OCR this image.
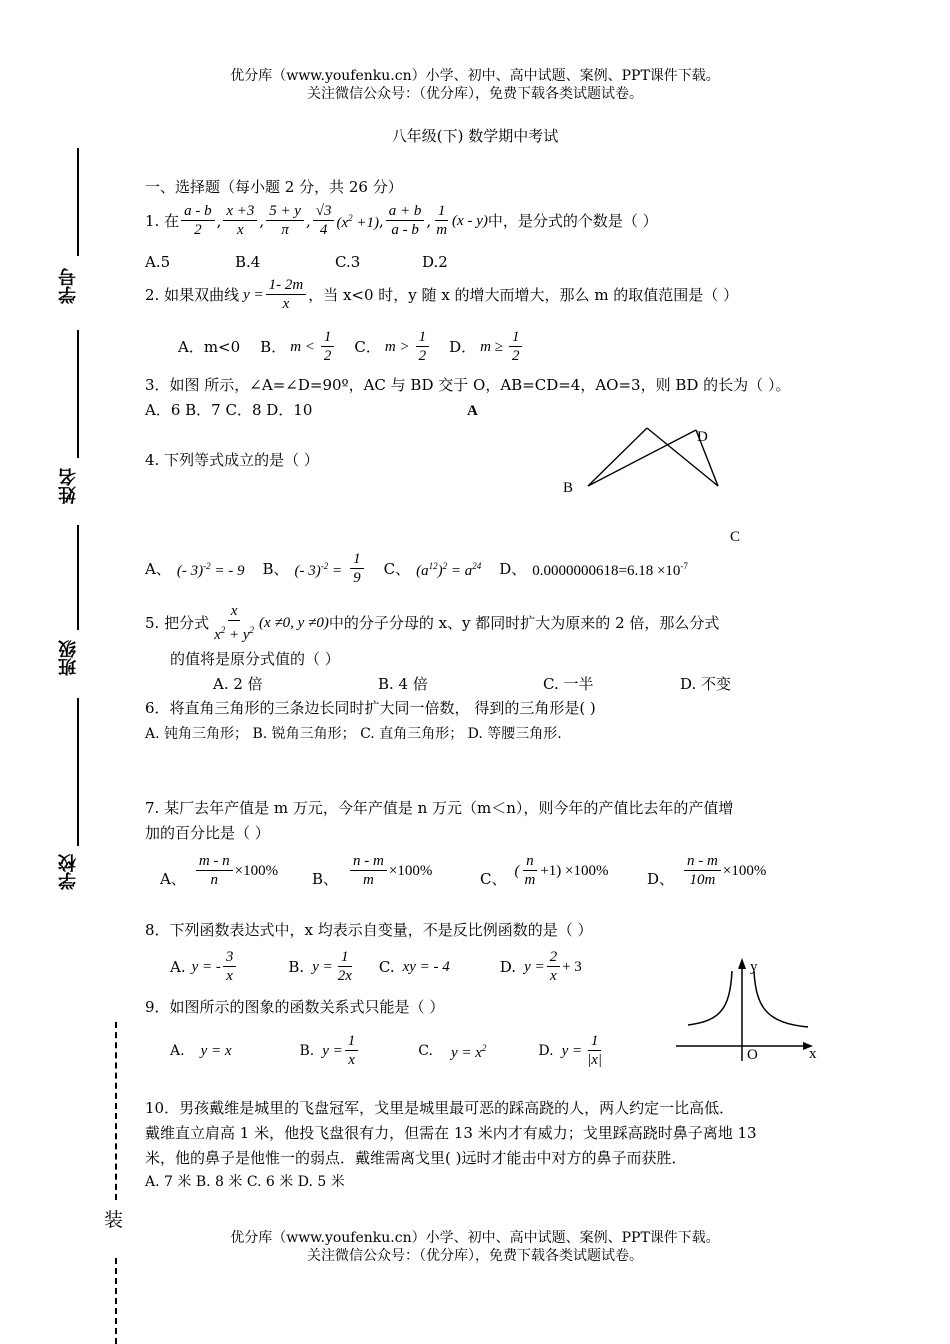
优分库（www.youfenku.cn）小学、初中、高中试题、案例、PPT课件下载。
关注微信公众号：（优分库），免费下载各类试题试卷。
八年级(下) 数学期中考试
学号
姓名
班级
学校
装
一、选择题（每小题 2 分，共 26 分）
1. 在 $\frac{a - b}{2}$ , $\frac{x +3}{x}$ , $\frac{5 + y}{\pi}$ , $\frac{√3}{4} (x^2 +1)$ , $\frac{a + b}{a - b}$ , $\frac{1}{m} (x - y)$ 中，是分式的个数是（ ）
A.5	B.4	C.3	D.2
2. 如果双曲线 $y = \frac{1- 2m}{x}$ ，当 x<0 时，y 随 x 的增大而增大，那么 m 的取值范围是（ ）
A．m<0 B． $m < \frac{1}{2}$ C． $m > \frac{1}{2}$ D． $m \ge \frac{1}{2}$
3．如图 所示，∠A=∠D=90º，AC 与 BD 交于 O，AB=CD=4，AO=3，则 BD 的长为（ ）。
A．6 B．7 C．8 D．10	A
D
B
C
4. 下列等式成立的是（ ）
A、 (- 3)$^{-2}$ = - 9 B、 (- $3)^{-2} = \frac{1}{9}$ C、 $(a^{12})^2 = a^{24}$ D、 $0.0000000618=6.18 \times 10^{-7}$
5. 把分式 $\frac{x}{x^2 + y^2} (x \ne 0$, y ≠0) 中的分子分母的 x、y 都同时扩大为原来的 2 倍，那么分式
的值将是原分式值的（ ）
A. 2 倍	B. 4 倍	C. 一半	D. 不变
6．将直角三角形的三条边长同时扩大同一倍数， 得到的三角形是( )
A. 钝角三角形； B. 锐角三角形； C. 直角三角形； D. 等腰三角形.
7. 某厂去年产值是 m 万元，今年产值是 n 万元（m＜n），则今年的产值比去年的产值增
加的百分比是（ ）
A、 $\frac{m - n}{n} \times 100\%$ B、 $\frac{n - m}{m} \times 100\%$	C、 ( $\frac{n}{m} +1) \times 100\%$	D、 $\frac{n - m}{10m} \times 100\%$
8．下列函数表达式中，x 均表示自变量，不是反比例函数的是（ ）
A. y = - $\frac{3}{x}$	B. $y = \frac{1}{2x} C$. xy = - 4	D. $y = \frac{2}{x} + 3$
9．如图所示的图象的函数关系式只能是（ ）
A. y = x	B. $y = \frac{1}{x}$	C. $y = x^2$	D. $y = \frac{1}{|x|}$
y
x
O
10．男孩戴维是城里的飞盘冠军，戈里是城里最可恶的踩高跷的人，两人约定一比高低．
戴维直立肩高 1 米，他投飞盘很有力，但需在 13 米内才有威力；戈里踩高跷时鼻子离地 13
米，他的鼻子是他惟一的弱点．戴维需离戈里( )远时才能击中对方的鼻子而获胜．
A. 7 米 B. 8 米 C. 6 米 D. 5 米
优分库（www.youfenku.cn）小学、初中、高中试题、案例、PPT课件下载。
关注微信公众号：（优分库），免费下载各类试题试卷。
